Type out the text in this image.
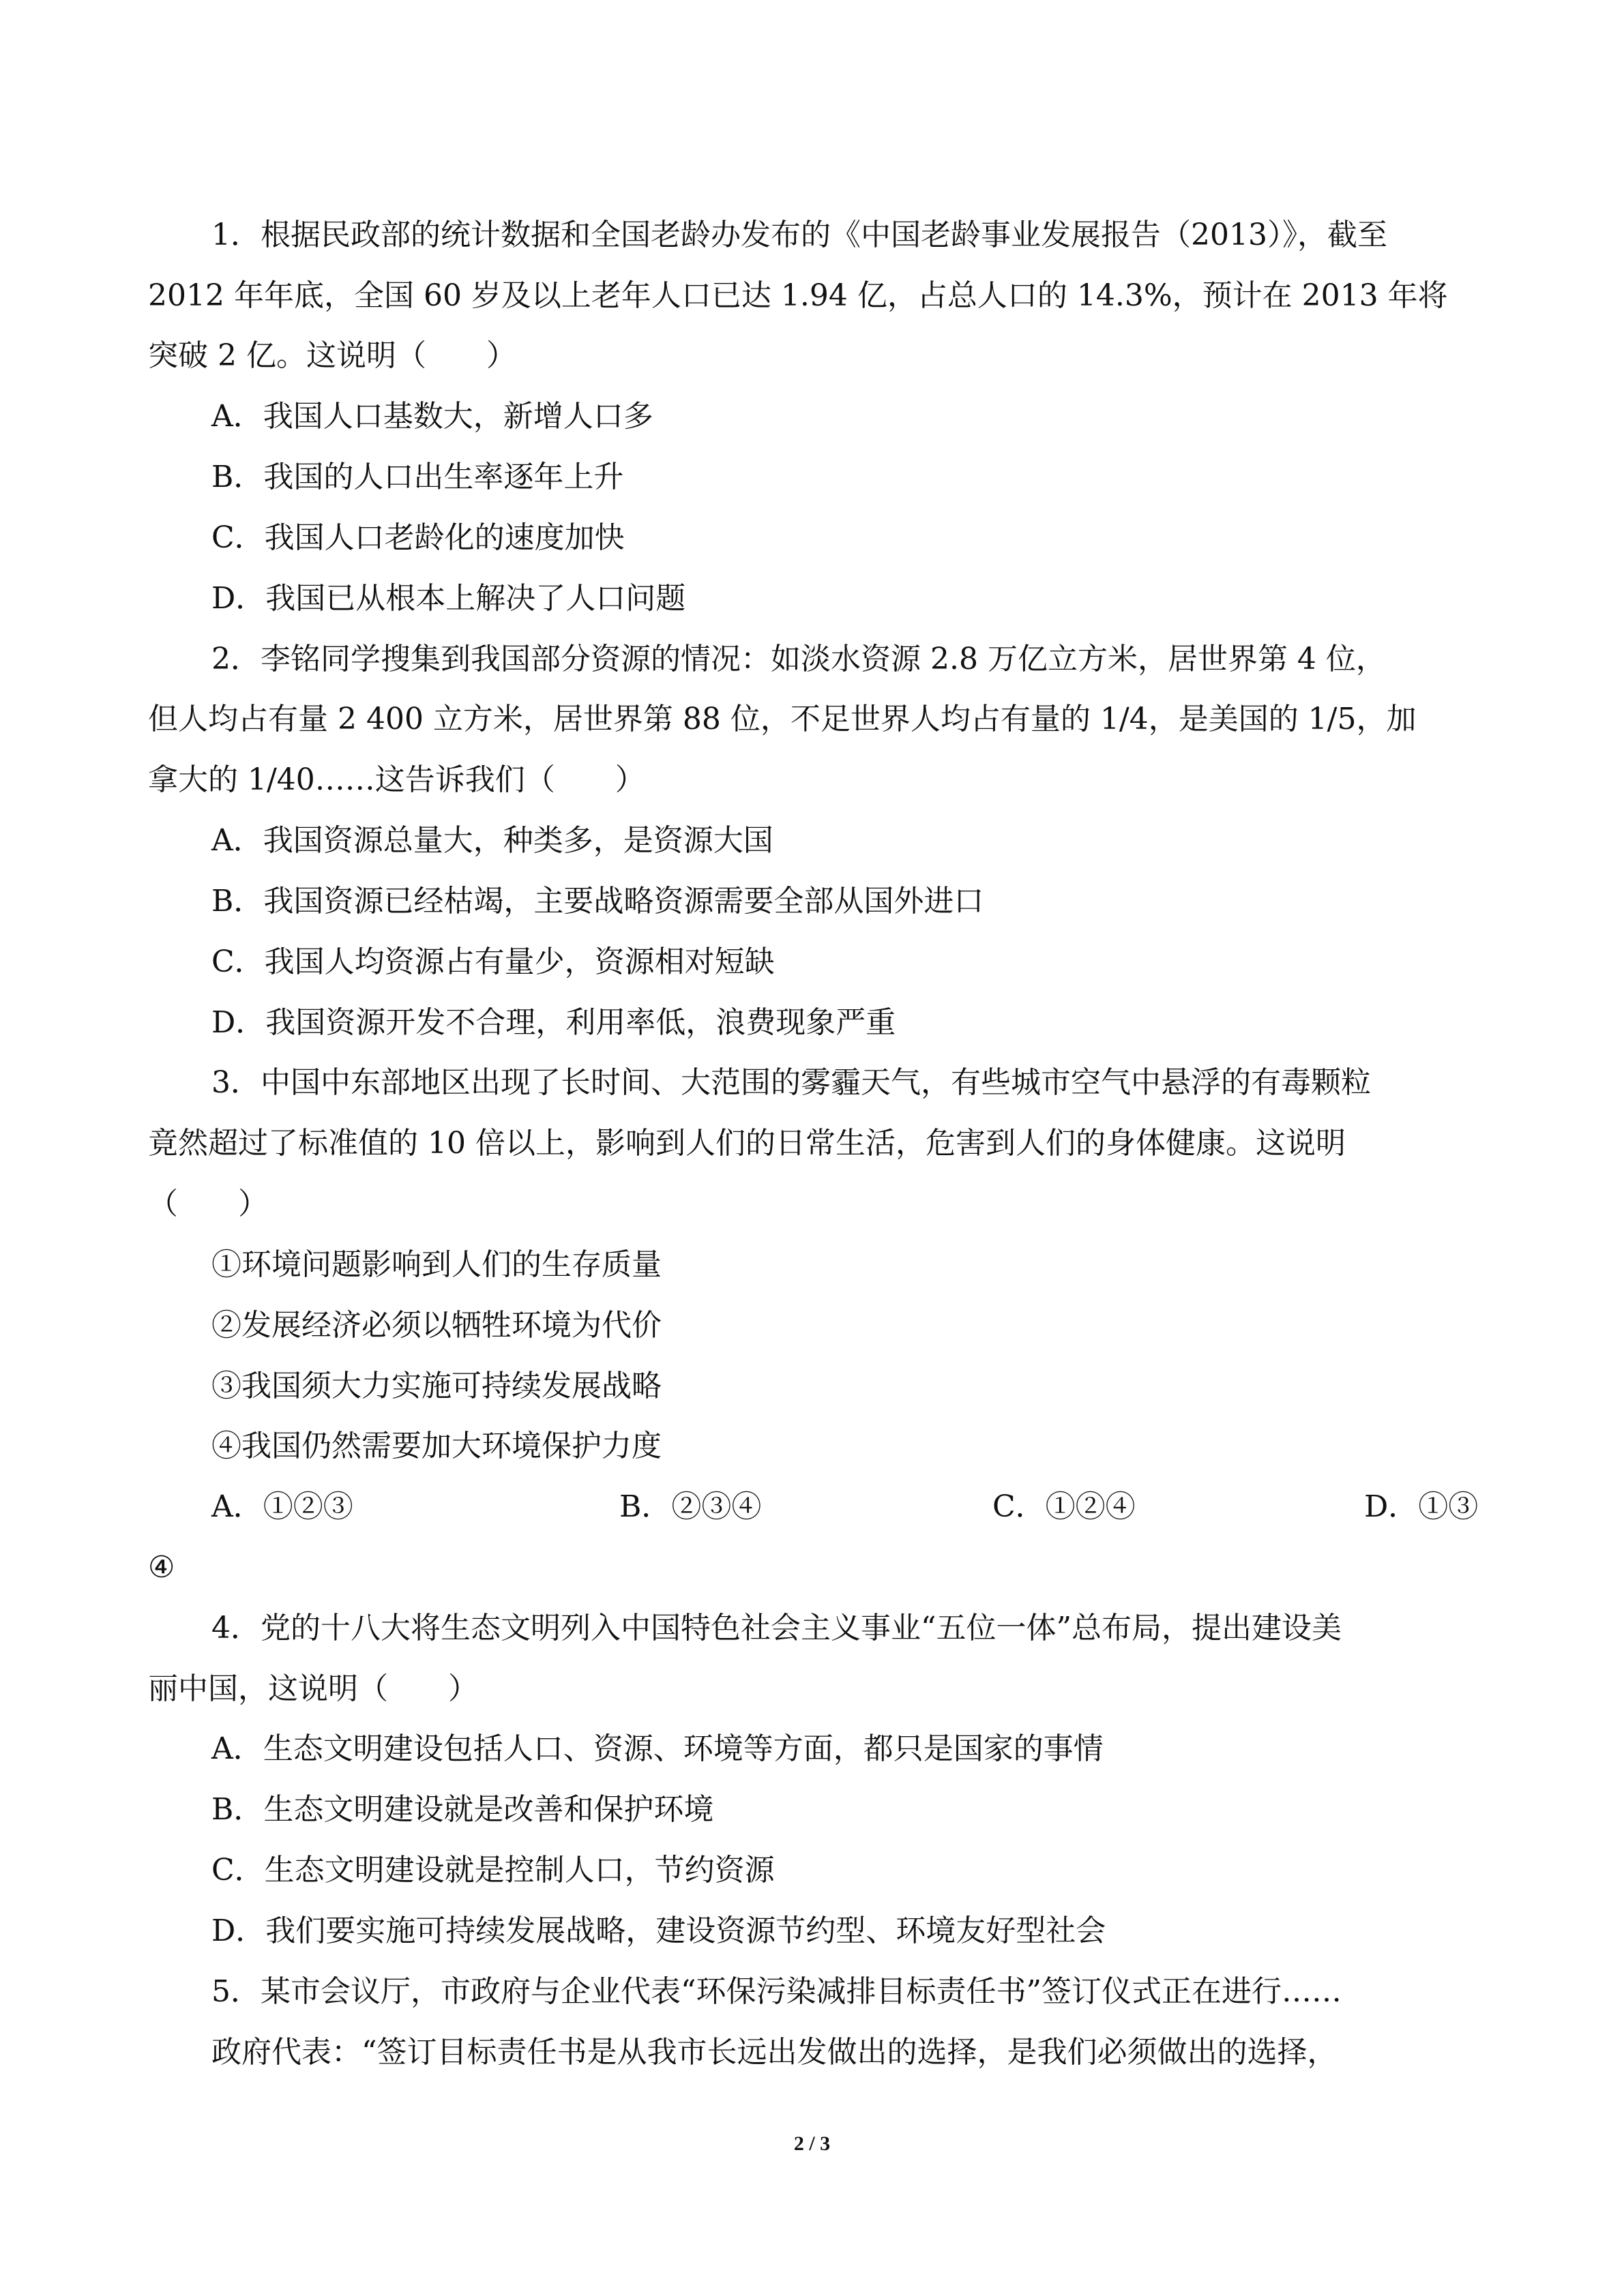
1．根据民政部的统计数据和全国老龄办发布的《中国老龄事业发展报告（2013）》，截至
2012 年年底，全国 60 岁及以上老年人口已达 1.94 亿，占总人口的 14.3%，预计在 2013 年将
突破 2 亿。这说明（　　）
A．我国人口基数大，新增人口多
B．我国的人口出生率逐年上升
C．我国人口老龄化的速度加快
D．我国已从根本上解决了人口问题
2．李铭同学搜集到我国部分资源的情况：如淡水资源 2.8 万亿立方米，居世界第 4 位，
但人均占有量 2 400 立方米，居世界第 88 位，不足世界人均占有量的 1/4，是美国的 1/5，加
拿大的 1/40……这告诉我们（　　）
A．我国资源总量大，种类多，是资源大国
B．我国资源已经枯竭，主要战略资源需要全部从国外进口
C．我国人均资源占有量少，资源相对短缺
D．我国资源开发不合理，利用率低，浪费现象严重
3．中国中东部地区出现了长时间、大范围的雾霾天气，有些城市空气中悬浮的有毒颗粒
竟然超过了标准值的 10 倍以上，影响到人们的日常生活，危害到人们的身体健康。这说明
（　　）
①环境问题影响到人们的生存质量
②发展经济必须以牺牲环境为代价
③我国须大力实施可持续发展战略
④我国仍然需要加大环境保护力度
A．①②③	B．②③④	C．①②④	D．①③
④
4．党的十八大将生态文明列入中国特色社会主义事业“五位一体”总布局，提出建设美
丽中国，这说明（　　）
A．生态文明建设包括人口、资源、环境等方面，都只是国家的事情
B．生态文明建设就是改善和保护环境
C．生态文明建设就是控制人口，节约资源
D．我们要实施可持续发展战略，建设资源节约型、环境友好型社会
5．某市会议厅，市政府与企业代表“环保污染减排目标责任书”签订仪式正在进行……
政府代表：“签订目标责任书是从我市长远出发做出的选择，是我们必须做出的选择，
2 / 3
